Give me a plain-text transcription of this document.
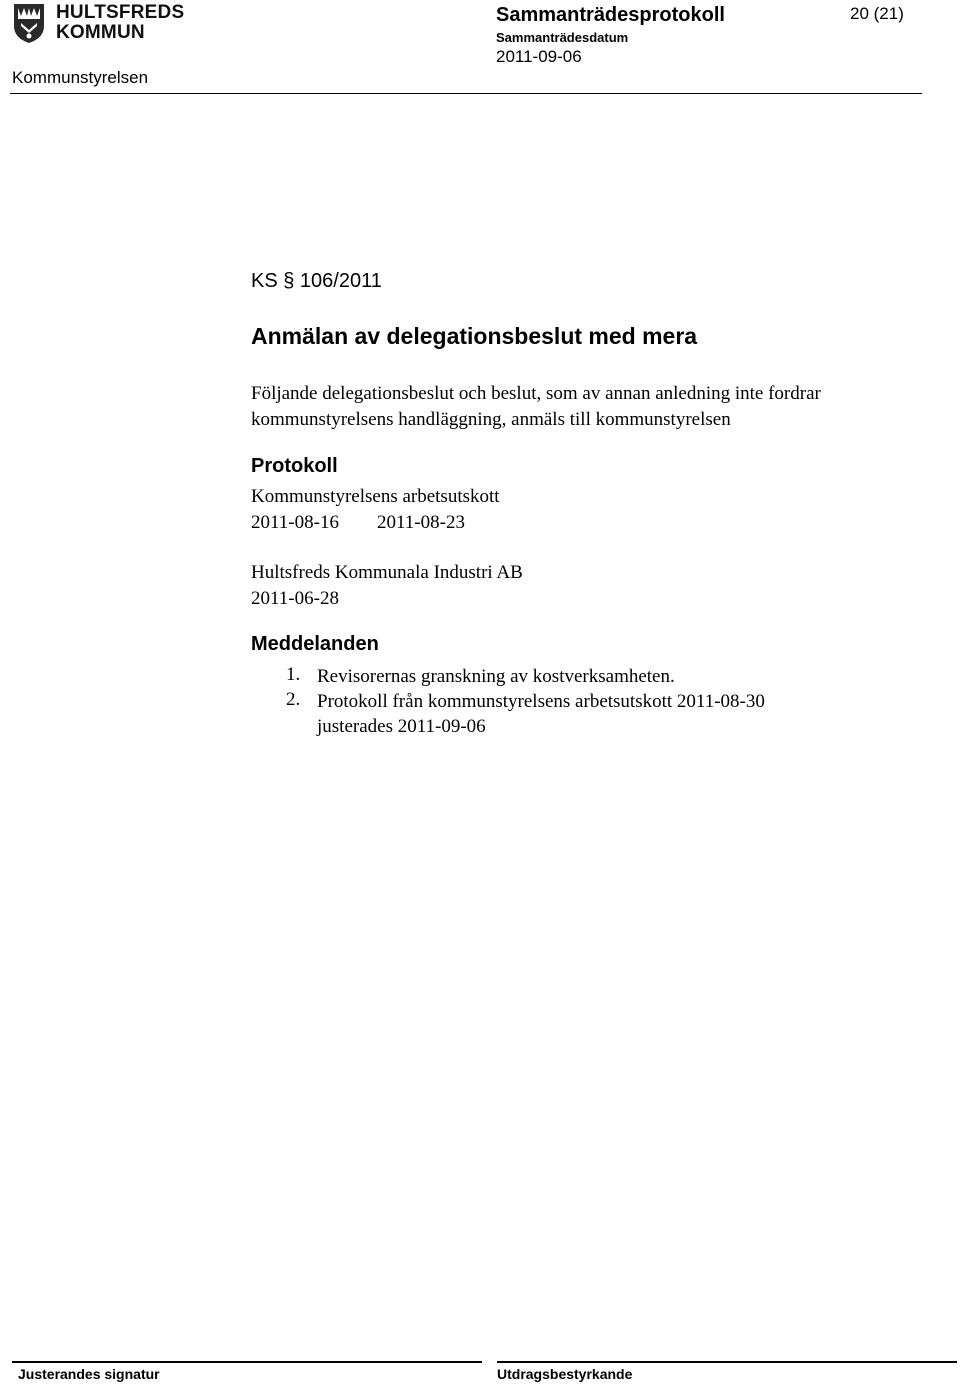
HULTSFREDS
KOMMUN
Sammanträdesprotokoll	20 (21)
Sammanträdesdatum
2011-09-06
Kommunstyrelsen
KS § 106/2011
Anmälan av delegationsbeslut med mera
Följande delegationsbeslut och beslut, som av annan anledning inte fordrar
kommunstyrelsens handläggning, anmäls till kommunstyrelsen
Protokoll
Kommunstyrelsens arbetsutskott
2011-08-16 2011-08-23
Hultsfreds Kommunala Industri AB
2011-06-28
Meddelanden
1. Revisorernas granskning av kostverksamheten.
2. Protokoll från kommunstyrelsens arbetsutskott 2011-08-30
justerades 2011-09-06
Justerandes signatur	Utdragsbestyrkande
